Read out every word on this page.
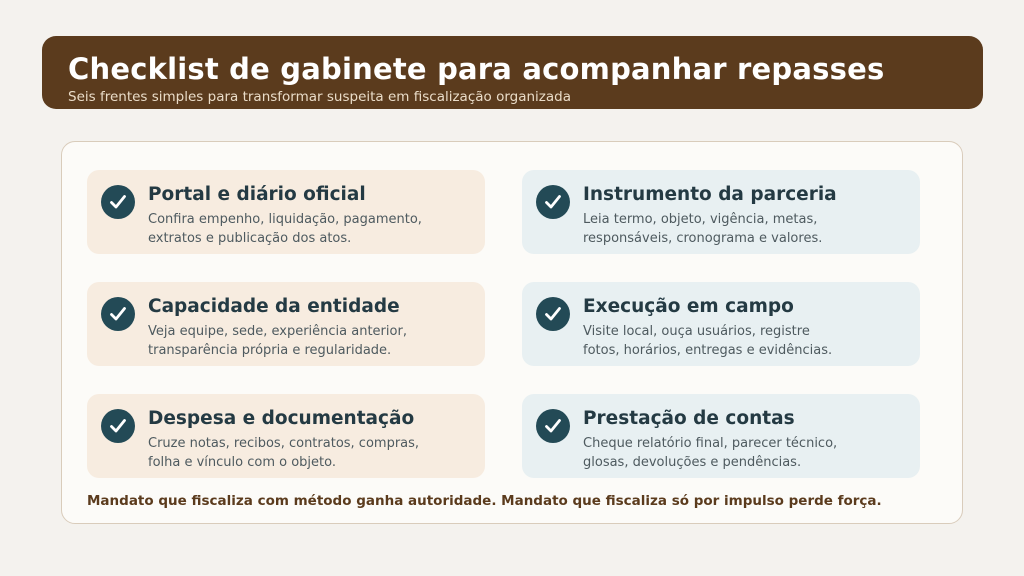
Checklist de gabinete para acompanhar repasses
Seis frentes simples para transformar suspeita em fiscalização organizada
Portal e diário oficial
Confira empenho, liquidação, pagamento,
extratos e publicação dos atos.
Instrumento da parceria
Leia termo, objeto, vigência, metas,
responsáveis, cronograma e valores.
Capacidade da entidade
Veja equipe, sede, experiência anterior,
transparência própria e regularidade.
Execução em campo
Visite local, ouça usuários, registre
fotos, horários, entregas e evidências.
Despesa e documentação
Cruze notas, recibos, contratos, compras,
folha e vínculo com o objeto.
Prestação de contas
Cheque relatório final, parecer técnico,
glosas, devoluções e pendências.
Mandato que fiscaliza com método ganha autoridade. Mandato que fiscaliza só por impulso perde força.
